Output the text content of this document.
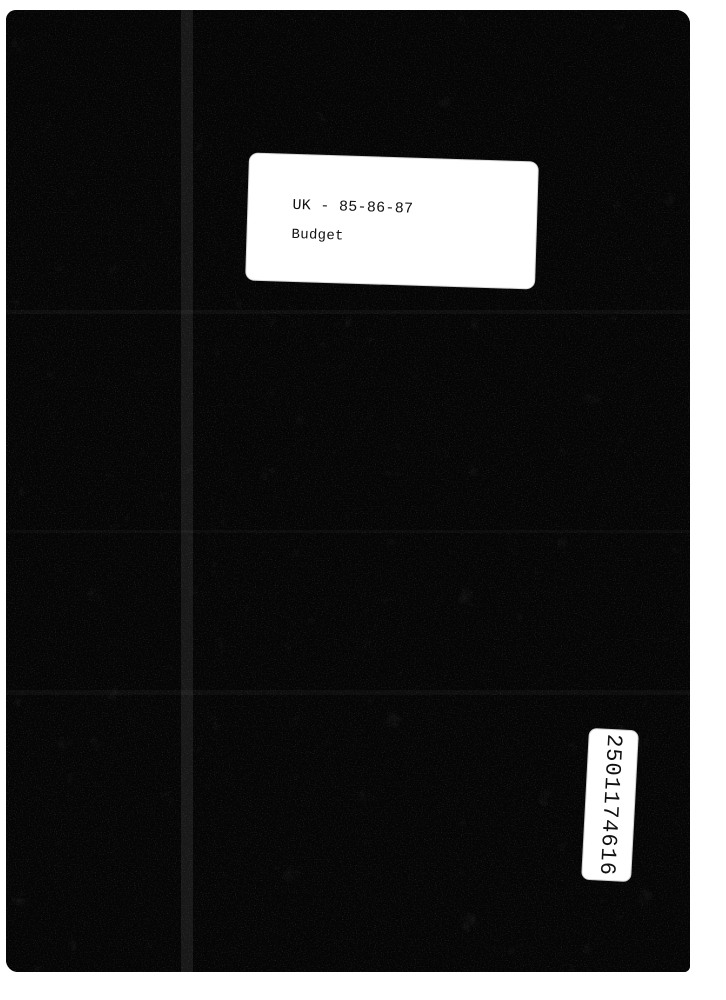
UK - 85-86-87
Budget
2501174616
